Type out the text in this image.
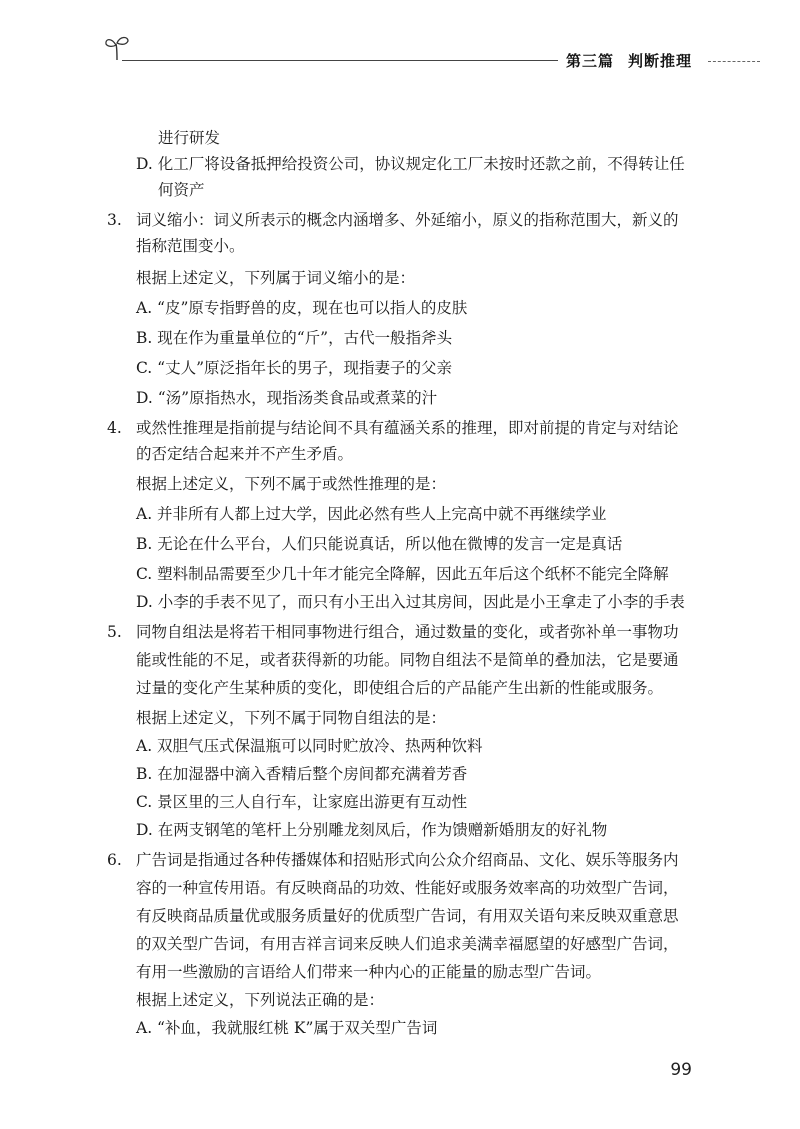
第三篇 判断推理
进行研发
D. 化工厂将设备抵押给投资公司，协议规定化工厂未按时还款之前，不得转让任
何资产
3. 词义缩小：词义所表示的概念内涵增多、外延缩小，原义的指称范围大，新义的
指称范围变小。
根据上述定义，下列属于词义缩小的是：
A. “皮”原专指野兽的皮，现在也可以指人的皮肤
B. 现在作为重量单位的“斤”，古代一般指斧头
C. “丈人”原泛指年长的男子，现指妻子的父亲
D. “汤”原指热水，现指汤类食品或煮菜的汁
4. 或然性推理是指前提与结论间不具有蕴涵关系的推理，即对前提的肯定与对结论
的否定结合起来并不产生矛盾。
根据上述定义，下列不属于或然性推理的是：
A. 并非所有人都上过大学，因此必然有些人上完高中就不再继续学业
B. 无论在什么平台，人们只能说真话，所以他在微博的发言一定是真话
C. 塑料制品需要至少几十年才能完全降解，因此五年后这个纸杯不能完全降解
D. 小李的手表不见了，而只有小王出入过其房间，因此是小王拿走了小李的手表
5. 同物自组法是将若干相同事物进行组合，通过数量的变化，或者弥补单一事物功
能或性能的不足，或者获得新的功能。同物自组法不是简单的叠加法，它是要通
过量的变化产生某种质的变化，即使组合后的产品能产生出新的性能或服务。
根据上述定义，下列不属于同物自组法的是：
A. 双胆气压式保温瓶可以同时贮放冷、热两种饮料
B. 在加湿器中滴入香精后整个房间都充满着芳香
C. 景区里的三人自行车，让家庭出游更有互动性
D. 在两支钢笔的笔杆上分别雕龙刻凤后，作为馈赠新婚朋友的好礼物
6. 广告词是指通过各种传播媒体和招贴形式向公众介绍商品、文化、娱乐等服务内
容的一种宣传用语。有反映商品的功效、性能好或服务效率高的功效型广告词，
有反映商品质量优或服务质量好的优质型广告词，有用双关语句来反映双重意思
的双关型广告词，有用吉祥言词来反映人们追求美满幸福愿望的好感型广告词，
有用一些激励的言语给人们带来一种内心的正能量的励志型广告词。
根据上述定义，下列说法正确的是：
A. “补血，我就服红桃 K”属于双关型广告词
99
